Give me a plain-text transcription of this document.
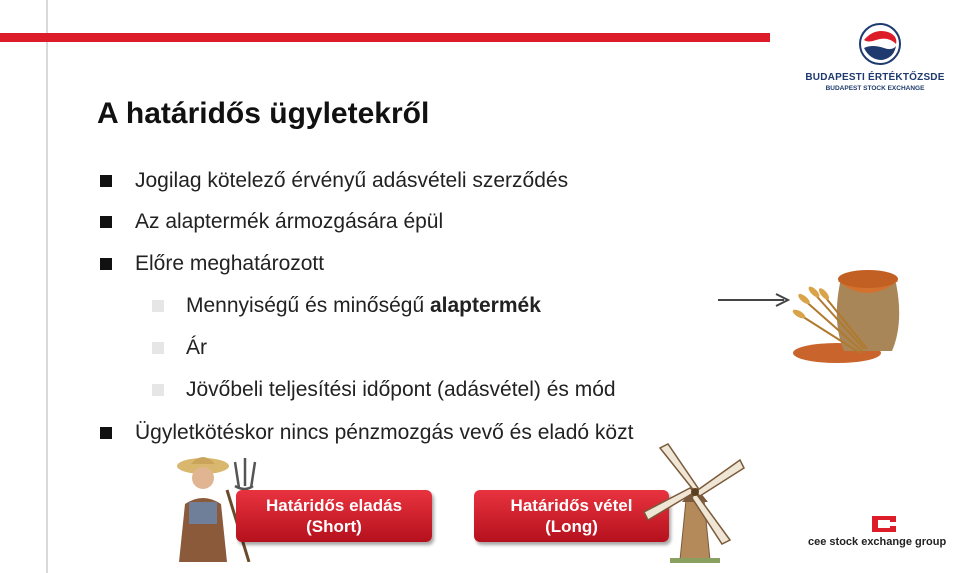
BUDAPESTI ÉRTÉKTŐZSDE
BUDAPEST STOCK EXCHANGE
A határidős ügyletekről
Jogilag kötelező érvényű adásvételi szerződés
Az alaptermék ármozgására épül
Előre meghatározott
Mennyiségű és minőségű alaptermék
Ár
Jövőbeli teljesítési időpont (adásvétel) és mód
Ügyletkötéskor nincs pénzmozgás vevő és eladó közt
Határidős eladás
(Short)
Határidős vétel
(Long)
cee stock exchange group
